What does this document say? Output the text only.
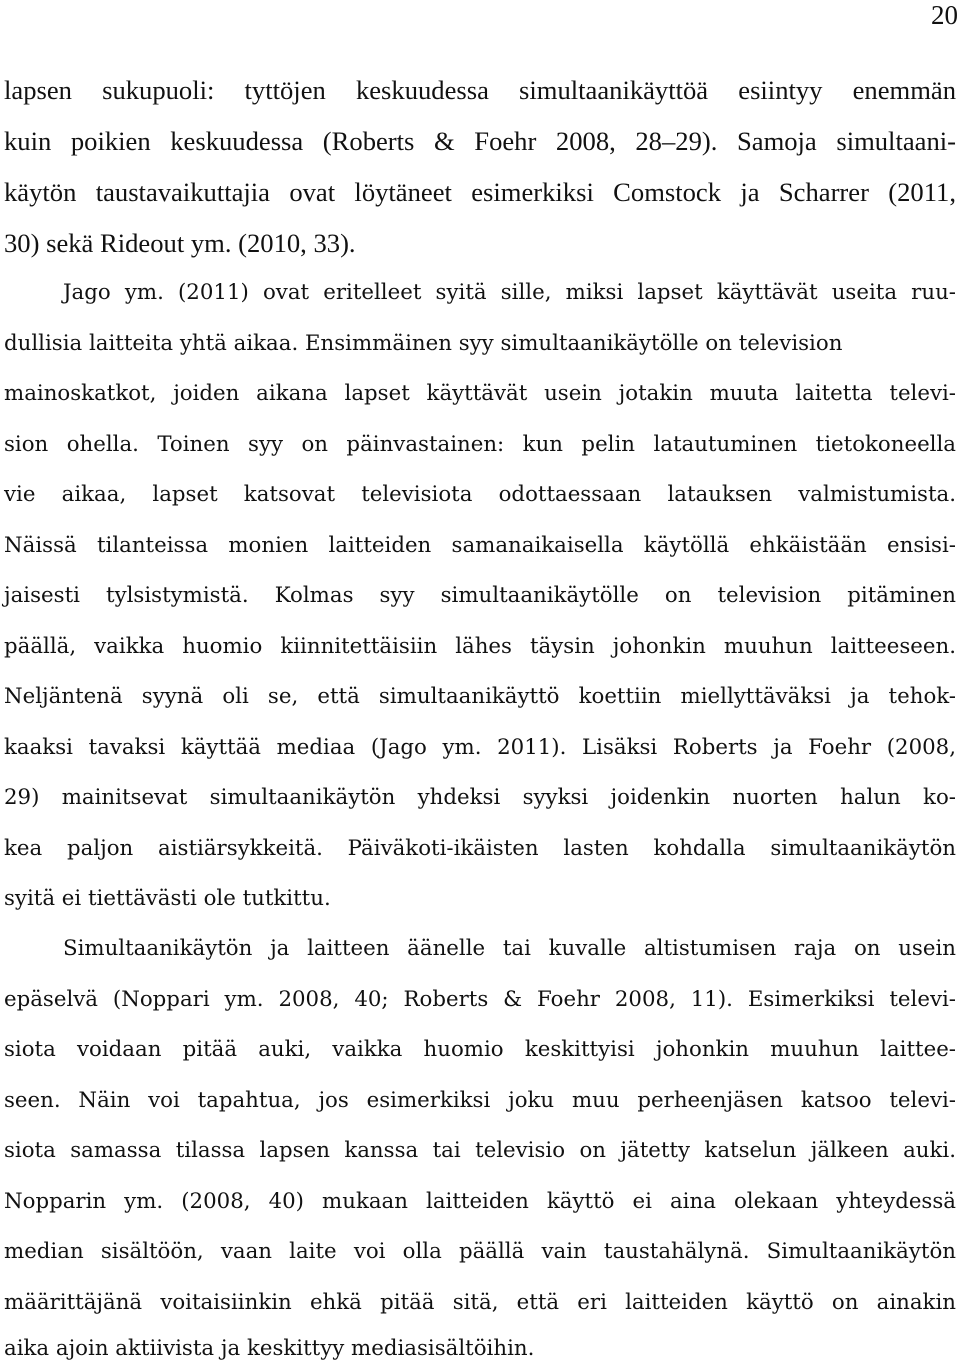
20
lapsen sukupuoli: tyttöjen keskuudessa simultaanikäyttöä esiintyy enemmän
kuin poikien keskuudessa (Roberts & Foehr 2008, 28–29). Samoja simultaani-
käytön taustavaikuttajia ovat löytäneet esimerkiksi Comstock ja Scharrer (2011,
30) sekä Rideout ym. (2010, 33).
Jago ym. (2011) ovat eritelleet syitä sille, miksi lapset käyttävät useita ruu-
dullisia laitteita yhtä aikaa. Ensimmäinen syy simultaanikäytölle on television
mainoskatkot, joiden aikana lapset käyttävät usein jotakin muuta laitetta televi-
sion ohella. Toinen syy on päinvastainen: kun pelin latautuminen tietokoneella
vie aikaa, lapset katsovat televisiota odottaessaan latauksen valmistumista.
Näissä tilanteissa monien laitteiden samanaikaisella käytöllä ehkäistään ensisi-
jaisesti tylsistymistä. Kolmas syy simultaanikäytölle on television pitäminen
päällä, vaikka huomio kiinnitettäisiin lähes täysin johonkin muuhun laitteeseen.
Neljäntenä syynä oli se, että simultaanikäyttö koettiin miellyttäväksi ja tehok-
kaaksi tavaksi käyttää mediaa (Jago ym. 2011). Lisäksi Roberts ja Foehr (2008,
29) mainitsevat simultaanikäytön yhdeksi syyksi joidenkin nuorten halun ko-
kea paljon aistiärsykkeitä. Päiväkoti-ikäisten lasten kohdalla simultaanikäytön
syitä ei tiettävästi ole tutkittu.
Simultaanikäytön ja laitteen äänelle tai kuvalle altistumisen raja on usein
epäselvä (Noppari ym. 2008, 40; Roberts & Foehr 2008, 11). Esimerkiksi televi-
siota voidaan pitää auki, vaikka huomio keskittyisi johonkin muuhun laittee-
seen. Näin voi tapahtua, jos esimerkiksi joku muu perheenjäsen katsoo televi-
siota samassa tilassa lapsen kanssa tai televisio on jätetty katselun jälkeen auki.
Nopparin ym. (2008, 40) mukaan laitteiden käyttö ei aina olekaan yhteydessä
median sisältöön, vaan laite voi olla päällä vain taustahälynä. Simultaanikäytön
määrittäjänä voitaisiinkin ehkä pitää sitä, että eri laitteiden käyttö on ainakin
aika ajoin aktiivista ja keskittyy mediasisältöihin.
